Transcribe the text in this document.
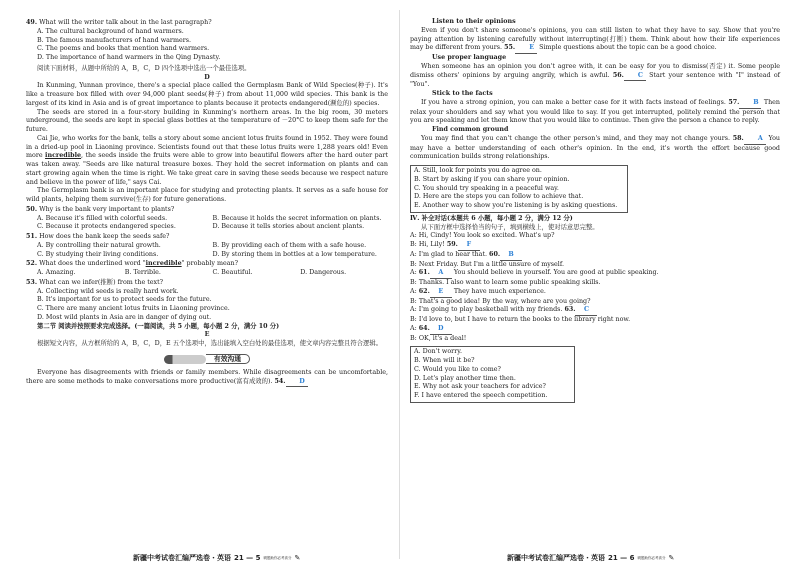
49. What will the writer talk about in the last paragraph?

A. The cultural background of hand warmers.

B. The famous manufacturers of hand warmers.

C. The poems and books that mention hand warmers.

D. The importance of hand warmers in the Qing Dynasty.

阅读下面材料，从题中所给的 A，B，C，D 四个选项中选出一个最佳选项。

D

In Kunming, Yunnan province, there's a special place called the Germplasm Bank of Wild Species(种子). It's like a treasure box filled with over 94,000 plant seeds(种子) from about 11,000 wild species. This bank is the largest of its kind in Asia and is of great importance to plants because it protects endangered(濒危的) species.

The seeds are stored in a four-story building in Kunming's northern areas. In the big room, 30 meters underground, the seeds are kept in special glass bottles at the temperature of －20°C to keep them safe for the future.

Cai Jie, who works for the bank, tells a story about some ancient lotus fruits found in 1952. They were found in a dried-up pool in Liaoning province. Scientists found out that these lotus fruits were 1,288 years old! Even more incredible, the seeds inside the fruits were able to grow into beautiful flowers after the hard outer part was taken away. "Seeds are like natural treasure boxes. They hold the secret information on plants and can start growing again when the time is right. We take great care in saving these seeds because we respect nature and believe in the power of life," says Cai.

The Germplasm bank is an important place for studying and protecting plants. It serves as a safe house for wild plants, helping them survive(生存) for future generations.

50. Why is the bank very important to plants?

A. Because it's filled with colorful seeds.	B. Because it holds the secret information on plants.
C. Because it protects endangered species.	D. Because it tells stories about ancient plants.

51. How does the bank keep the seeds safe?

A. By controlling their natural growth.	B. By providing each of them with a safe house.
C. By studying their living conditions.	D. By storing them in bottles at a low temperature.

52. What does the underlined word "incredible" probably mean?

A. Amazing.	B. Terrible.	C. Beautiful.	D. Dangerous.

53. What can we infer(推断) from the text?

A. Collecting wild seeds is really hard work.

B. It's important for us to protect seeds for the future.

C. There are many ancient lotus fruits in Liaoning province.

D. Most wild plants in Asia are in danger of dying out.

第二节 阅读并按照要求完成选择。(一篇阅读，共 5 小题，每小题 2 分，满分 10 分)

E

根据短文内容，从方框所给的 A，B，C，D，E 五个选项中，选出能填入空白处的最佳选项，使文章内容完整且符合逻辑。

有效沟通

Everyone has disagreements with friends or family members. While disagreements can be uncomfortable, there are some methods to make conversations more productive(富有成效的). 54. D

新疆中考试卷汇编严选卷・英语 21 — 5 刷题助你必考高分 ✎

Listen to their opinions

Even if you don't share someone's opinions, you can still listen to what they have to say. Show that you're paying attention by listening carefully without interrupting(打断) them. Think about how their life experiences may be different from yours. 55. E Simple questions about the topic can be a good choice.

Use proper language

When someone has an opinion you don't agree with, it can be easy for you to dismiss(否定) it. Some people dismiss others' opinions by arguing angrily, which is awful. 56. C Start your sentence with "I" instead of "You".

Stick to the facts

If you have a strong opinion, you can make a better case for it with facts instead of feelings. 57. B Then relax your shoulders and say what you would like to say. If you get interrupted, politely remind the person that you are speaking and let them know that you would like to continue. Then give the person a chance to reply.

Find common ground

You may find that you can't change the other person's mind, and they may not change yours. 58. A You may have a better understanding of each other's opinion. In the end, it's worth the effort because good communication builds strong relationships.

A. Still, look for points you do agree on.

B. Start by asking if you can share your opinion.

C. You should try speaking in a peaceful way.

D. Here are the steps you can follow to achieve that.

E. Another way to show you're listening is by asking questions.

Ⅳ. 补全对话(本题共 6 小题，每小题 2 分，满分 12 分)

从下面方框中选择恰当的句子，填到横线上，使对话意思完整。

A: Hi, Cindy! You look so excited. What's up?

B: Hi, Lily! 59. F

A: I'm glad to hear that. 60. B

B: Next Friday. But I'm a little unsure of myself.

A: 61. A You should believe in yourself. You are good at public speaking.

B: Thanks. I also want to learn some public speaking skills.

A: 62. E They have much experience.

B: That's a good idea! By the way, where are you going?

A: I'm going to play basketball with my friends. 63. C

B: I'd love to, but I have to return the books to the library right now.

A: 64. D

B: OK, it's a deal!

A. Don't worry.

B. When will it be?

C. Would you like to come?

D. Let's play another time then.

E. Why not ask your teachers for advice?

F. I have entered the speech competition.

新疆中考试卷汇编严选卷・英语 21 — 6 刷题助你必考高分 ✎
